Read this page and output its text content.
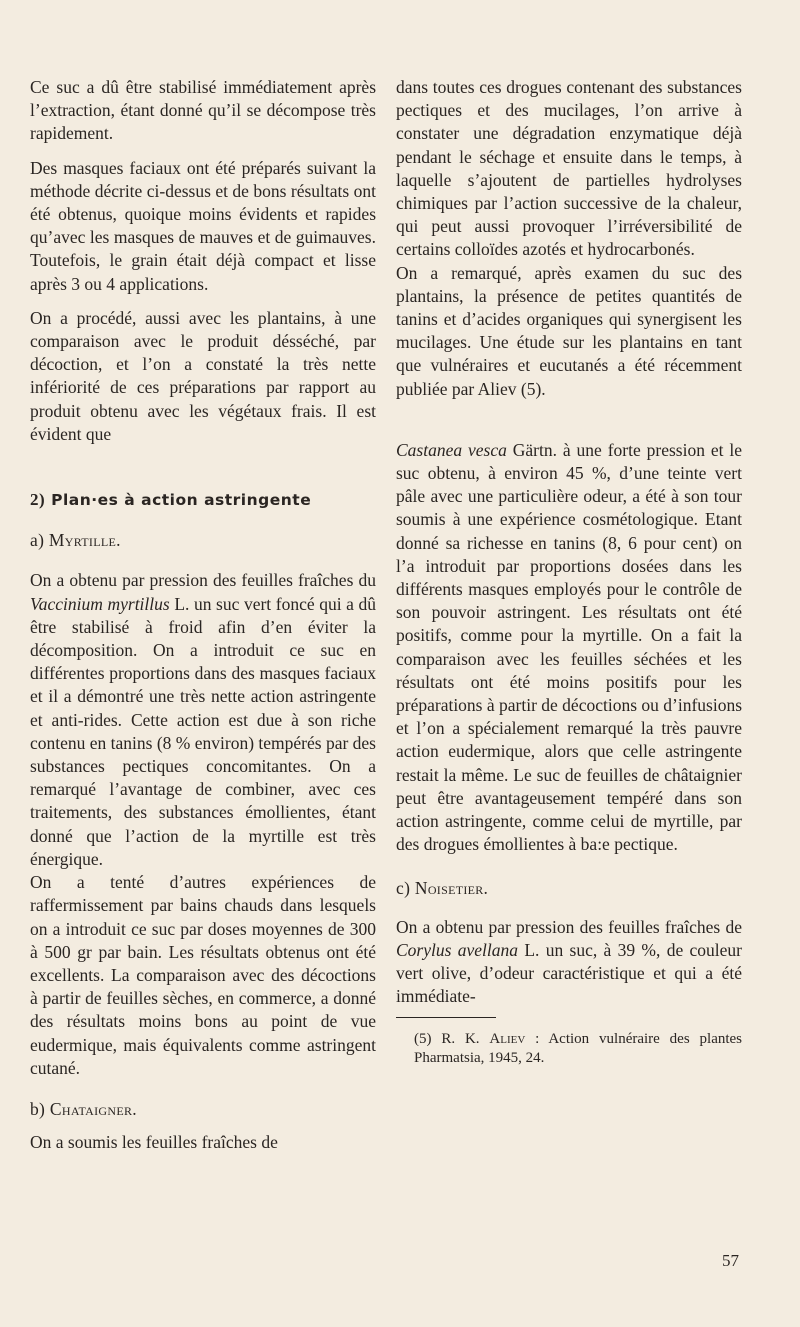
Ce suc a dû être stabilisé immédiatement après l’extraction, étant donné qu’il se décompose très rapidement.

Des masques faciaux ont été préparés suivant la méthode décrite ci-dessus et de bons résultats ont été obtenus, quoique moins évidents et rapides qu’avec les masques de mauves et de guimauves. Toutefois, le grain était déjà compact et lisse après 3 ou 4 applications.

On a procédé, aussi avec les plantains, à une comparaison avec le produit désséché, par décoction, et l’on a constaté la très nette infériorité de ces préparations par rapport au produit obtenu avec les végétaux frais. Il est évident que

2) Plan·es à action astringente

a) Myrtille.

On a obtenu par pression des feuilles fraîches du Vaccinium myrtillus L. un suc vert foncé qui a dû être stabilisé à froid afin d’en éviter la décomposition. On a introduit ce suc en différentes proportions dans des masques faciaux et il a démontré une très nette action astringente et anti-rides. Cette action est due à son riche contenu en tanins (8 % environ) tempérés par des substances pectiques concomitantes. On a remarqué l’avantage de combiner, avec ces traitements, des substances émollientes, étant donné que l’action de la myrtille est très énergique.

On a tenté d’autres expériences de raffermissement par bains chauds dans lesquels on a introduit ce suc par doses moyennes de 300 à 500 gr par bain. Les résultats obtenus ont été excellents. La comparaison avec des décoctions à partir de feuilles sèches, en commerce, a donné des résultats moins bons au point de vue eudermique, mais équivalents comme astringent cutané.

b) Chataigner.

On a soumis les feuilles fraîches de

dans toutes ces drogues contenant des substances pectiques et des mucilages, l’on arrive à constater une dégradation enzymatique déjà pendant le séchage et ensuite dans le temps, à laquelle s’ajoutent de partielles hydrolyses chimiques par l’action successive de la chaleur, qui peut aussi provoquer l’irréversibilité de certains colloïdes azotés et hydrocarbonés.

On a remarqué, après examen du suc des plantains, la présence de petites quantités de tanins et d’acides organiques qui synergisent les mucilages. Une étude sur les plantains en tant que vulnéraires et eucutanés a été récemment publiée par Aliev (5).

Castanea vesca Gärtn. à une forte pression et le suc obtenu, à environ 45 %, d’une teinte vert pâle avec une particulière odeur, a été à son tour soumis à une expérience cosmétologique. Etant donné sa richesse en tanins (8, 6 pour cent) on l’a introduit par proportions dosées dans les différents masques employés pour le contrôle de son pouvoir astringent. Les résultats ont été positifs, comme pour la myrtille. On a fait la comparaison avec les feuilles séchées et les résultats ont été moins positifs pour les préparations à partir de décoctions ou d’infusions et l’on a spécialement remarqué la très pauvre action eudermique, alors que celle astringente restait la même. Le suc de feuilles de châtaignier peut être avantageusement tempéré dans son action astringente, comme celui de myrtille, par des drogues émollientes à ba:e pectique.

c) Noisetier.

On a obtenu par pression des feuilles fraîches de Corylus avellana L. un suc, à 39 %, de couleur vert olive, d’odeur caractéristique et qui a été immédiate-

(5) R. K. Aliev : Action vulnéraire des plantes Pharmatsia, 1945, 24.

57
